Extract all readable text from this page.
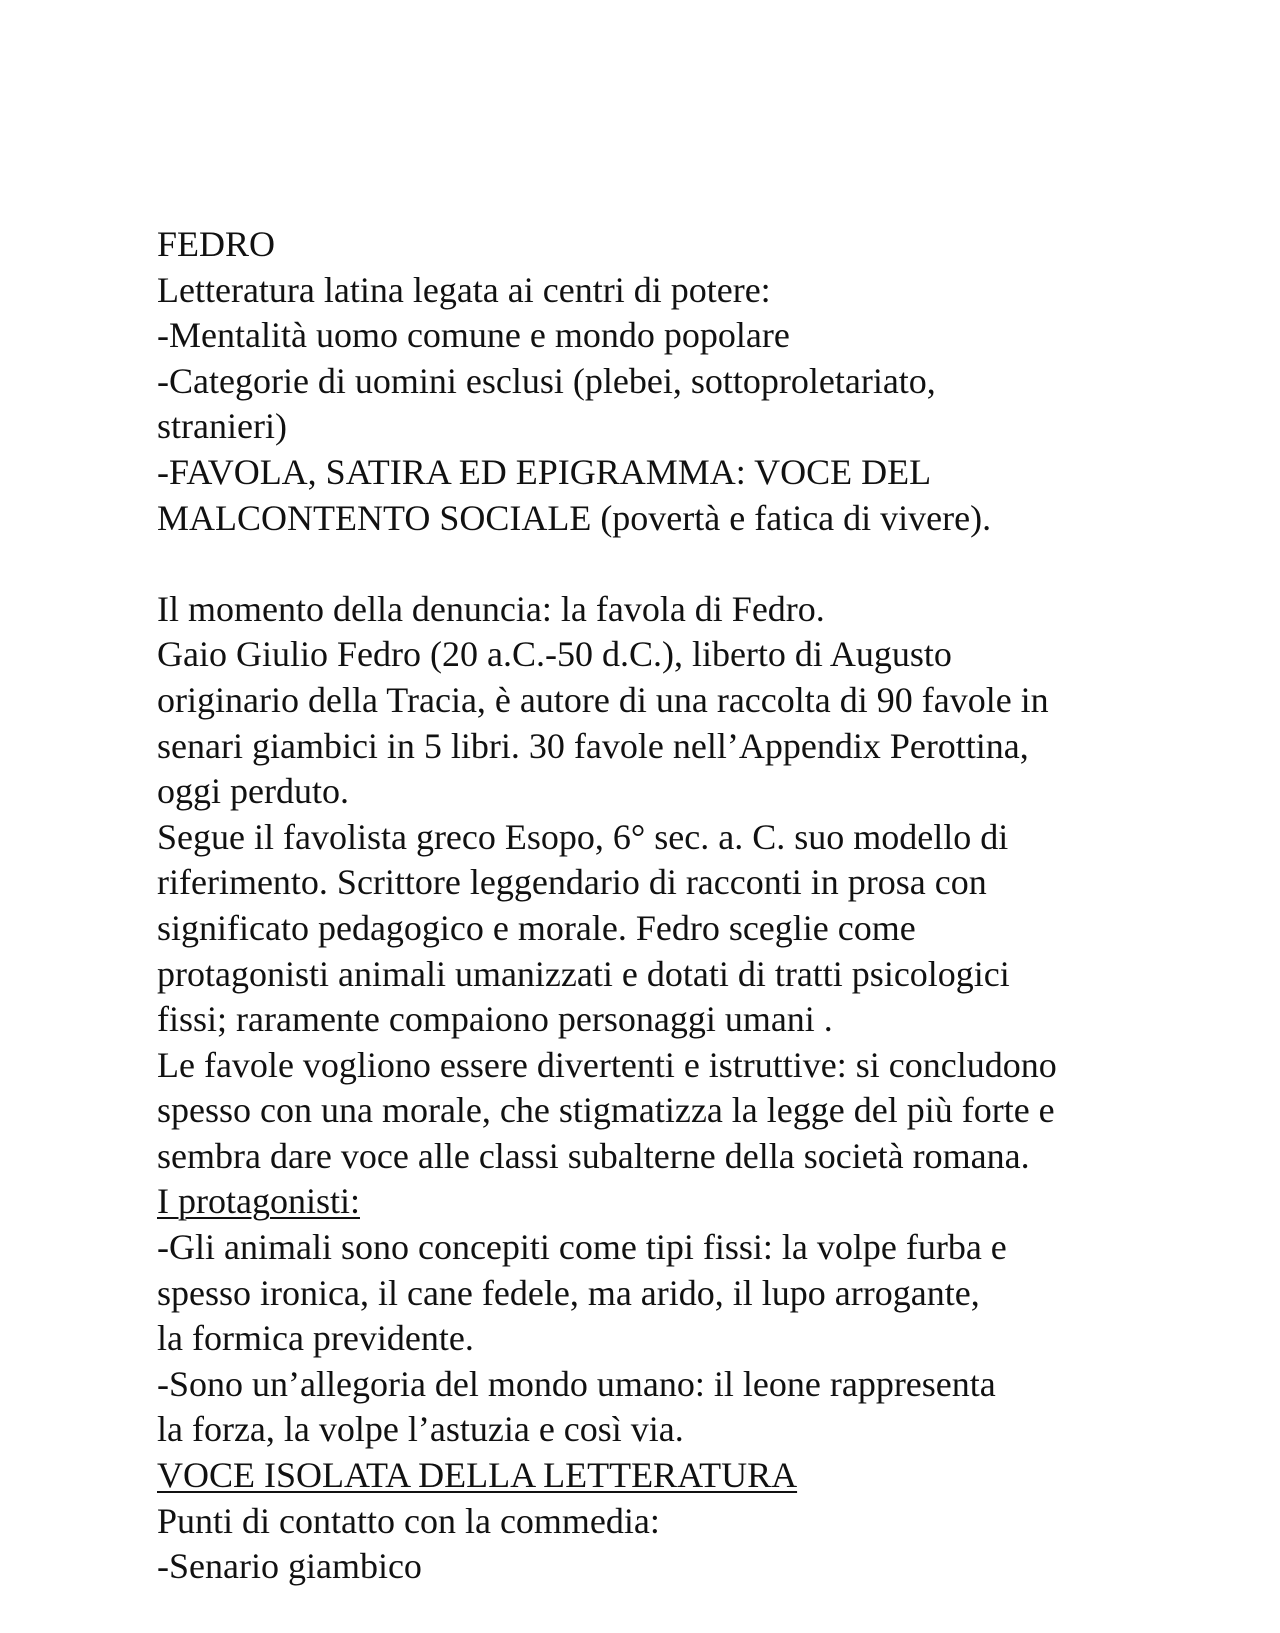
FEDRO
Letteratura latina legata ai centri di potere:
-Mentalità uomo comune e mondo popolare
-Categorie di uomini esclusi (plebei, sottoproletariato,
stranieri)
-FAVOLA, SATIRA ED EPIGRAMMA: VOCE DEL
MALCONTENTO SOCIALE (povertà e fatica di vivere).
Il momento della denuncia: la favola di Fedro.
Gaio Giulio Fedro (20 a.C.-50 d.C.), liberto di Augusto
originario della Tracia, è autore di una raccolta di 90 favole in
senari giambici in 5 libri. 30 favole nell’Appendix Perottina,
oggi perduto.
Segue il favolista greco Esopo, 6° sec. a. C. suo modello di
riferimento. Scrittore leggendario di racconti in prosa con
significato pedagogico e morale. Fedro sceglie come
protagonisti animali umanizzati e dotati di tratti psicologici
fissi; raramente compaiono personaggi umani .
Le favole vogliono essere divertenti e istruttive: si concludono
spesso con una morale, che stigmatizza la legge del più forte e
sembra dare voce alle classi subalterne della società romana.
I protagonisti:
-Gli animali sono concepiti come tipi fissi: la volpe furba e
spesso ironica, il cane fedele, ma arido, il lupo arrogante,
la formica previdente.
-Sono un’allegoria del mondo umano: il leone rappresenta
la forza, la volpe l’astuzia e così via.
VOCE ISOLATA DELLA LETTERATURA
Punti di contatto con la commedia:
-Senario giambico
